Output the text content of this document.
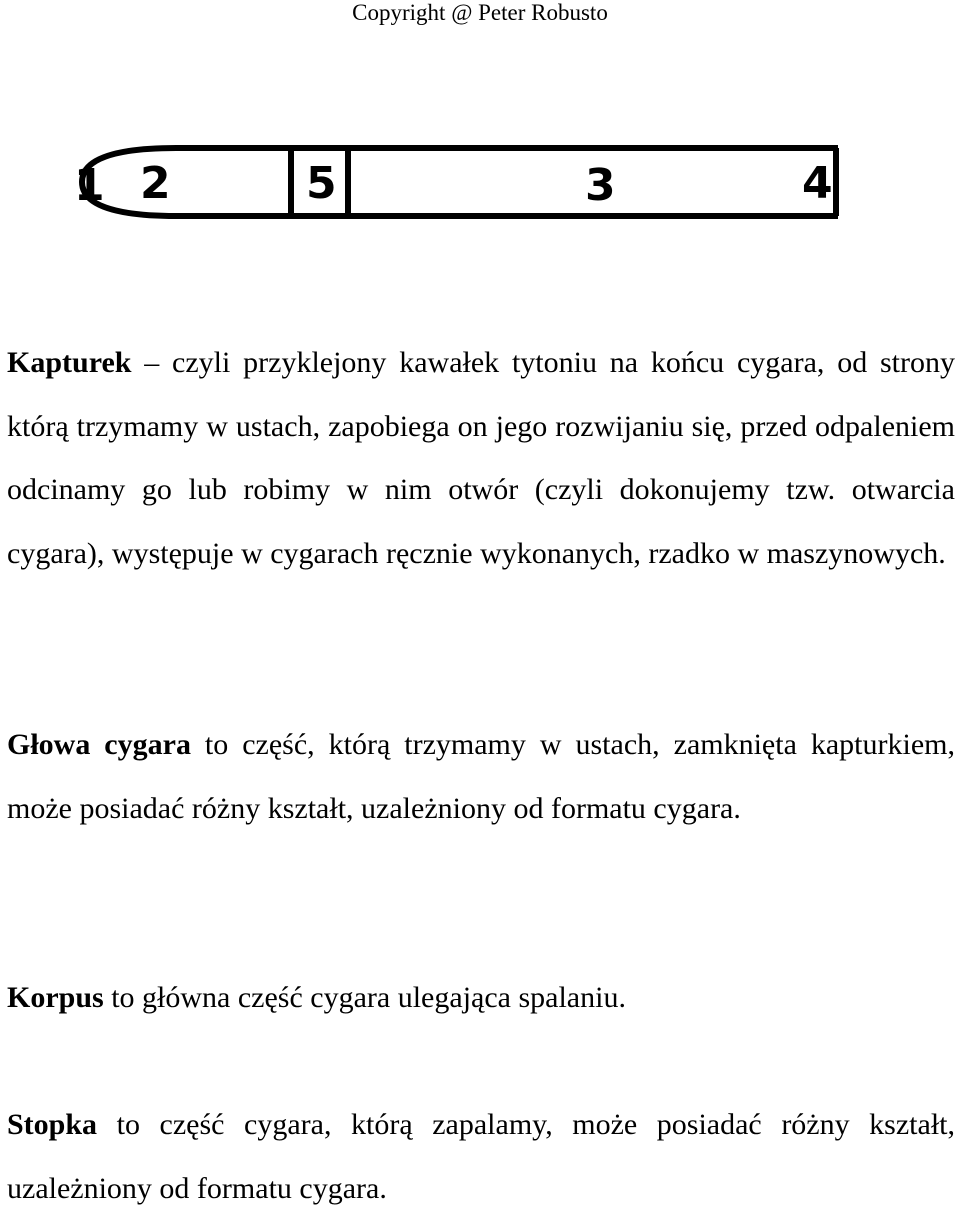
Copyright @ Peter Robusto
1 2	5	3	4

Kapturek – czyli przyklejony kawałek tytoniu na końcu cygara, od strony którą trzymamy w ustach, zapobiega on jego rozwijaniu się, przed odpaleniem odcinamy go lub robimy w nim otwór (czyli dokonujemy tzw. otwarcia cygara), występuje w cygarach ręcznie wykonanych, rzadko w maszynowych.

Głowa cygara to część, którą trzymamy w ustach, zamknięta kapturkiem, może posiadać różny kształt, uzależniony od formatu cygara.

Korpus to główna część cygara ulegająca spalaniu.

Stopka to część cygara, którą zapalamy, może posiadać różny kształt, uzależniony od formatu cygara.
